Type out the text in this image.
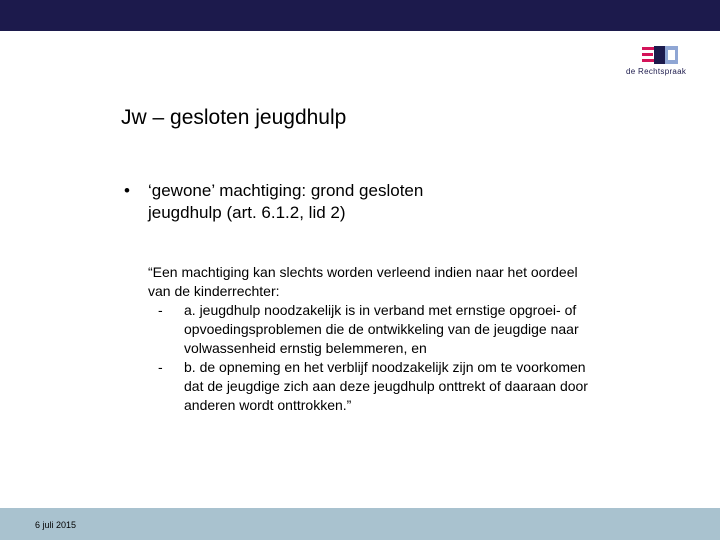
de Rechtspraak
Jw – gesloten jeugdhulp
• ‘gewone’ machtiging: grond gesloten jeugdhulp (art. 6.1.2, lid 2)
“Een machtiging kan slechts worden verleend indien naar het oordeel van de kinderrechter:
- a. jeugdhulp noodzakelijk is in verband met ernstige opgroei- of opvoedingsproblemen die de ontwikkeling van de jeugdige naar volwassenheid ernstig belemmeren, en
- b. de opneming en het verblijf noodzakelijk zijn om te voorkomen dat de jeugdige zich aan deze jeugdhulp onttrekt of daaraan door anderen wordt onttrokken.”
6 juli 2015
